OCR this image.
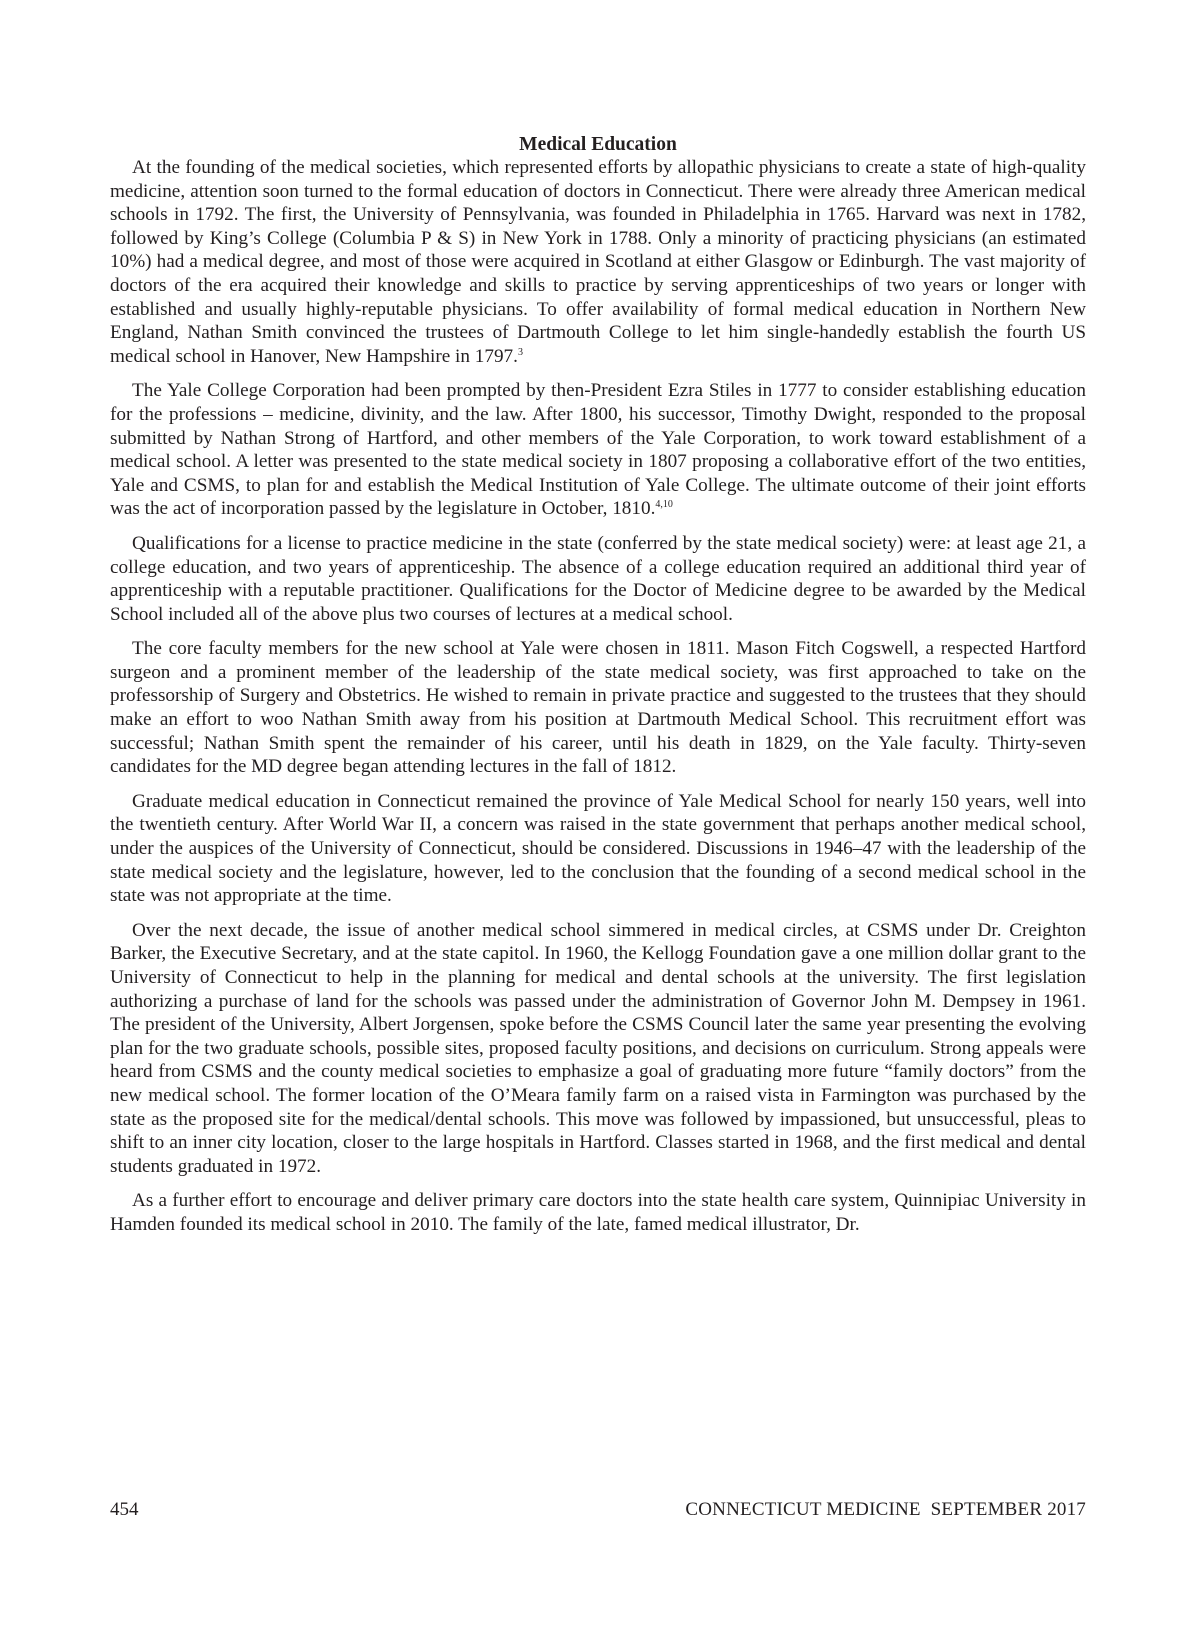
Medical Education

At the founding of the medical societies, which represented efforts by allopathic physicians to create a state of high-quality medicine, attention soon turned to the formal education of doctors in Connecticut. There were already three American medical schools in 1792. The first, the University of Pennsylvania, was founded in Philadelphia in 1765. Harvard was next in 1782, followed by King’s College (Columbia P & S) in New York in 1788. Only a minority of practicing physicians (an estimated 10%) had a medical degree, and most of those were acquired in Scotland at either Glasgow or Edinburgh. The vast majority of doctors of the era acquired their knowledge and skills to practice by serving apprenticeships of two years or longer with established and usually highly-reputable physicians. To offer availability of formal medical education in Northern New England, Nathan Smith convinced the trustees of Dartmouth College to let him single-handedly establish the fourth US medical school in Hanover, New Hampshire in 1797.$^3$

The Yale College Corporation had been prompted by then-President Ezra Stiles in 1777 to consider establishing education for the professions – medicine, divinity, and the law. After 1800, his successor, Timothy Dwight, responded to the proposal submitted by Nathan Strong of Hartford, and other members of the Yale Corporation, to work toward establishment of a medical school. A letter was presented to the state medical society in 1807 proposing a collaborative effort of the two entities, Yale and CSMS, to plan for and establish the Medical Institution of Yale College. The ultimate outcome of their joint efforts was the act of incorporation passed by the legislature in October, 1810.$^{4,10}$

Qualifications for a license to practice medicine in the state (conferred by the state medical society) were: at least age 21, a college education, and two years of apprenticeship. The absence of a college education required an additional third year of apprenticeship with a reputable practitioner. Qualifications for the Doctor of Medicine degree to be awarded by the Medical School included all of the above plus two courses of lectures at a medical school.

The core faculty members for the new school at Yale were chosen in 1811. Mason Fitch Cogswell, a respected Hartford surgeon and a prominent member of the leadership of the state medical society, was first approached to take on the professorship of Surgery and Obstetrics. He wished to remain in private practice and suggested to the trustees that they should make an effort to woo Nathan Smith away from his position at Dartmouth Medical School. This recruitment effort was successful; Nathan Smith spent the remainder of his career, until his death in 1829, on the Yale faculty. Thirty-seven candidates for the MD degree began attending lectures in the fall of 1812.

Graduate medical education in Connecticut remained the province of Yale Medical School for nearly 150 years, well into the twentieth century. After World War II, a concern was raised in the state government that perhaps another medical school, under the auspices of the University of Connecticut, should be considered. Discussions in 1946–47 with the leadership of the state medical society and the legislature, however, led to the conclusion that the founding of a second medical school in the state was not appropriate at the time.

Over the next decade, the issue of another medical school simmered in medical circles, at CSMS under Dr. Creighton Barker, the Executive Secretary, and at the state capitol. In 1960, the Kellogg Foundation gave a one million dollar grant to the University of Connecticut to help in the planning for medical and dental schools at the university. The first legislation authorizing a purchase of land for the schools was passed under the administration of Governor John M. Dempsey in 1961. The president of the University, Albert Jorgensen, spoke before the CSMS Council later the same year presenting the evolving plan for the two graduate schools, possible sites, proposed faculty positions, and decisions on curriculum. Strong appeals were heard from CSMS and the county medical societies to emphasize a goal of graduating more future “family doctors” from the new medical school. The former location of the O’Meara family farm on a raised vista in Farmington was purchased by the state as the proposed site for the medical/dental schools. This move was followed by impassioned, but unsuccessful, pleas to shift to an inner city location, closer to the large hospitals in Hartford. Classes started in 1968, and the first medical and dental students graduated in 1972.

As a further effort to encourage and deliver primary care doctors into the state health care system, Quinnipiac University in Hamden founded its medical school in 2010. The family of the late, famed medical illustrator, Dr.

454	CONNECTICUT MEDICINE SEPTEMBER 2017
